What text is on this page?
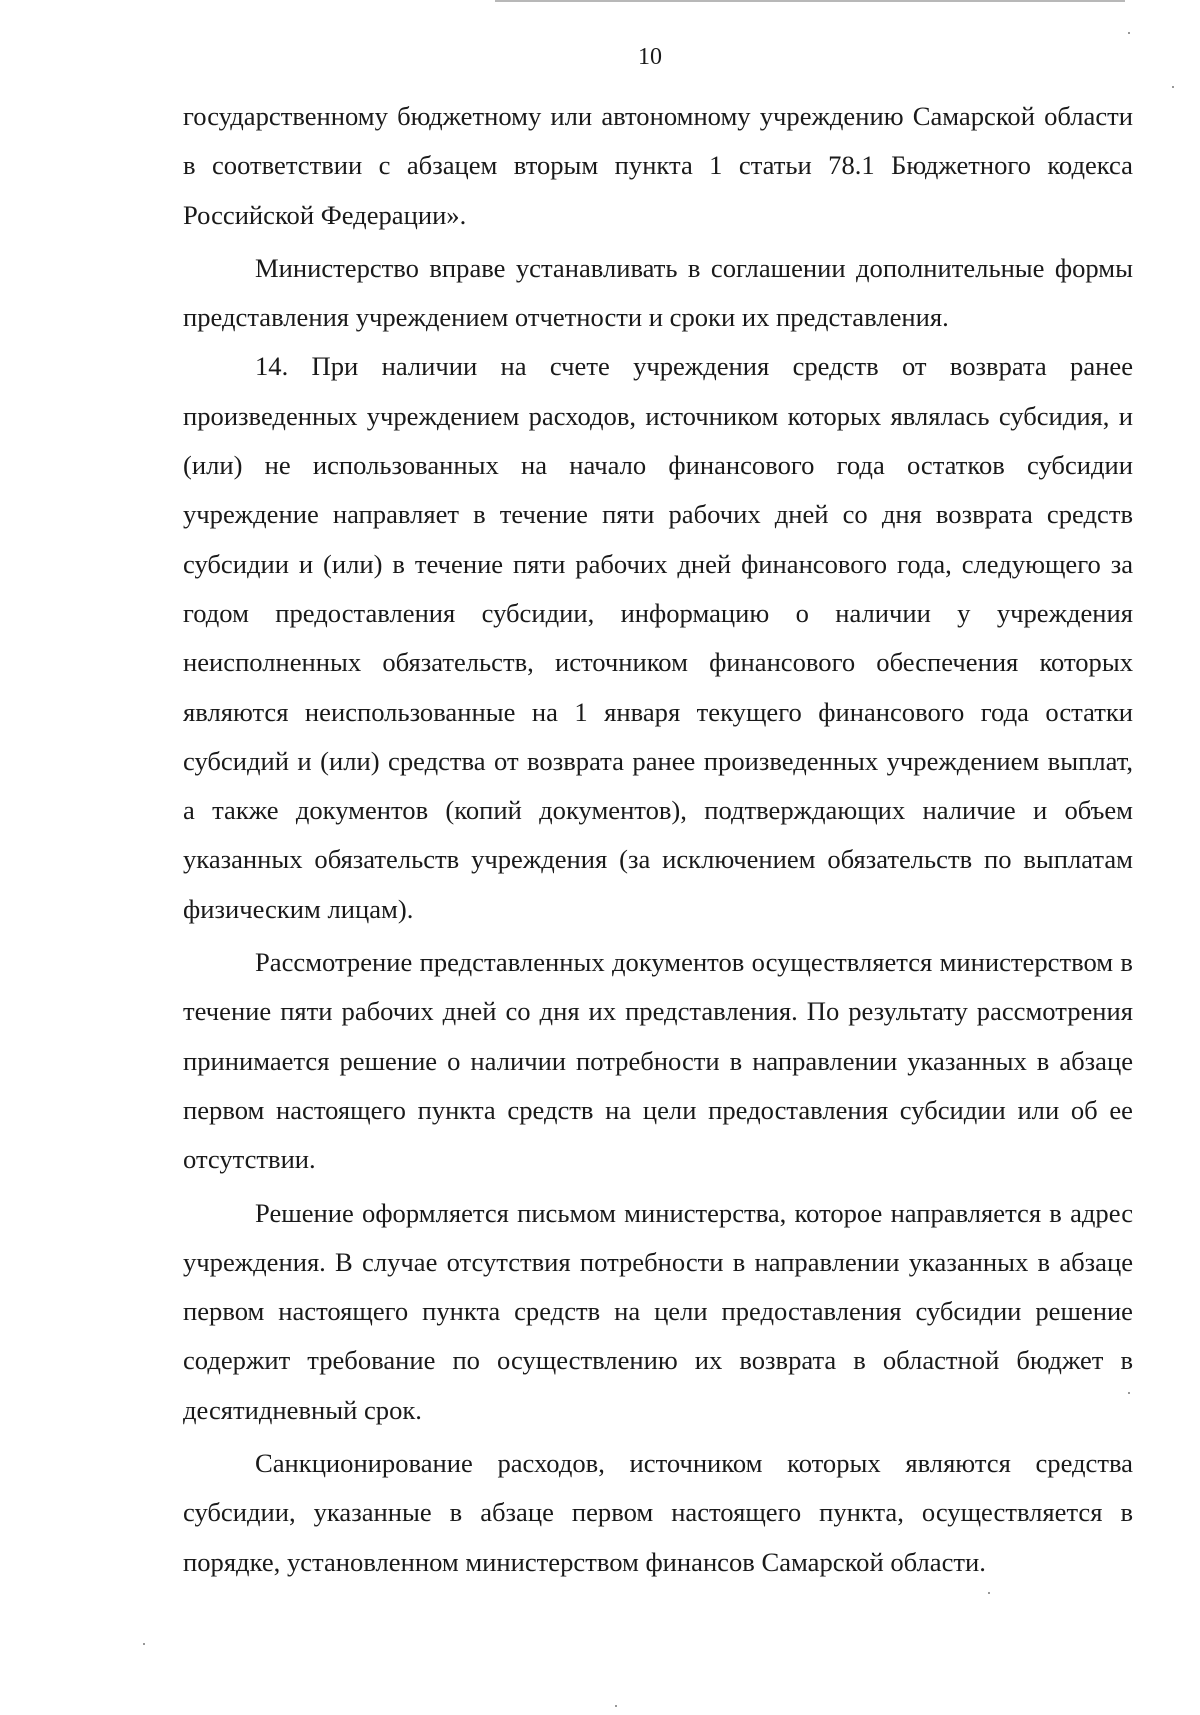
10

государственному бюджетному или автономному учреждению Самарской области в соответствии с абзацем вторым пункта 1 статьи 78.1 Бюджетного кодекса Российской Федерации».

Министерство вправе устанавливать в соглашении дополнительные формы представления учреждением отчетности и сроки их представления.

14. При наличии на счете учреждения средств от возврата ранее произведенных учреждением расходов, источником которых являлась субсидия, и (или) не использованных на начало финансового года остатков субсидии учреждение направляет в течение пяти рабочих дней со дня возврата средств субсидии и (или) в течение пяти рабочих дней финансового года, следующего за годом предоставления субсидии, информацию о наличии у учреждения неисполненных обязательств, источником финансового обеспечения которых являются неиспользованные на 1 января текущего финансового года остатки субсидий и (или) средства от возврата ранее произведенных учреждением выплат, а также документов (копий документов), подтверждающих наличие и объем указанных обязательств учреждения (за исключением обязательств по выплатам физическим лицам).

Рассмотрение представленных документов осуществляется министерством в течение пяти рабочих дней со дня их представления. По результату рассмотрения принимается решение о наличии потребности в направлении указанных в абзаце первом настоящего пункта средств на цели предоставления субсидии или об ее отсутствии.

Решение оформляется письмом министерства, которое направляется в адрес учреждения. В случае отсутствия потребности в направлении указанных в абзаце первом настоящего пункта средств на цели предоставления субсидии решение содержит требование по осуществлению их возврата в областной бюджет в десятидневный срок.

Санкционирование расходов, источником которых являются средства субсидии, указанные в абзаце первом настоящего пункта, осуществляется в порядке, установленном министерством финансов Самарской области.
